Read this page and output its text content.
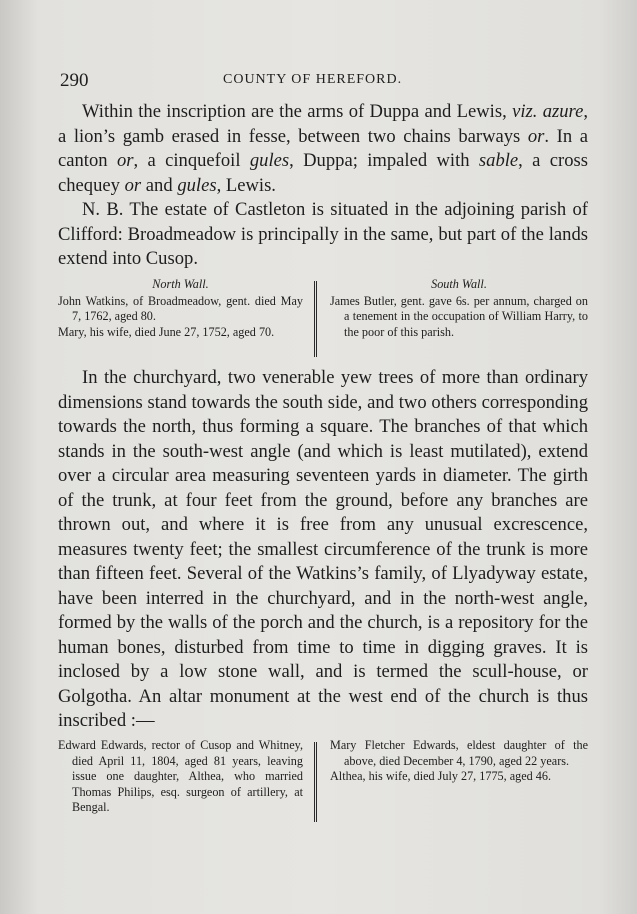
290	COUNTY OF HEREFORD.

Within the inscription are the arms of Duppa and Lewis, viz. azure, a lion’s gamb erased in fesse, between two chains barways or. In a canton or, a cinquefoil gules, Duppa; impaled with sable, a cross chequey or and gules, Lewis.

N. B. The estate of Castleton is situated in the adjoining parish of Clifford: Broadmeadow is principally in the same, but part of the lands extend into Cusop.

North Wall.

John Watkins, of Broadmeadow, gent. died May 7, 1762, aged 80.

Mary, his wife, died June 27, 1752, aged 70.

South Wall.

James Butler, gent. gave 6s. per annum, charged on a tenement in the occupation of William Harry, to the poor of this parish.

In the churchyard, two venerable yew trees of more than ordinary dimensions stand towards the south side, and two others corresponding towards the north, thus forming a square. The branches of that which stands in the south-west angle (and which is least mutilated), extend over a circular area measuring seventeen yards in diameter. The girth of the trunk, at four feet from the ground, before any branches are thrown out, and where it is free from any unusual excrescence, measures twenty feet; the smallest circumference of the trunk is more than fifteen feet. Several of the Watkins’s family, of Llyadyway estate, have been interred in the churchyard, and in the north-west angle, formed by the walls of the porch and the church, is a repository for the human bones, disturbed from time to time in digging graves. It is inclosed by a low stone wall, and is termed the scull-house, or Golgotha. An altar monument at the west end of the church is thus inscribed :—

Edward Edwards, rector of Cusop and Whitney, died April 11, 1804, aged 81 years, leaving issue one daughter, Althea, who married Thomas Philips, esq. surgeon of artillery, at Bengal.

Mary Fletcher Edwards, eldest daughter of the above, died December 4, 1790, aged 22 years.

Althea, his wife, died July 27, 1775, aged 46.
